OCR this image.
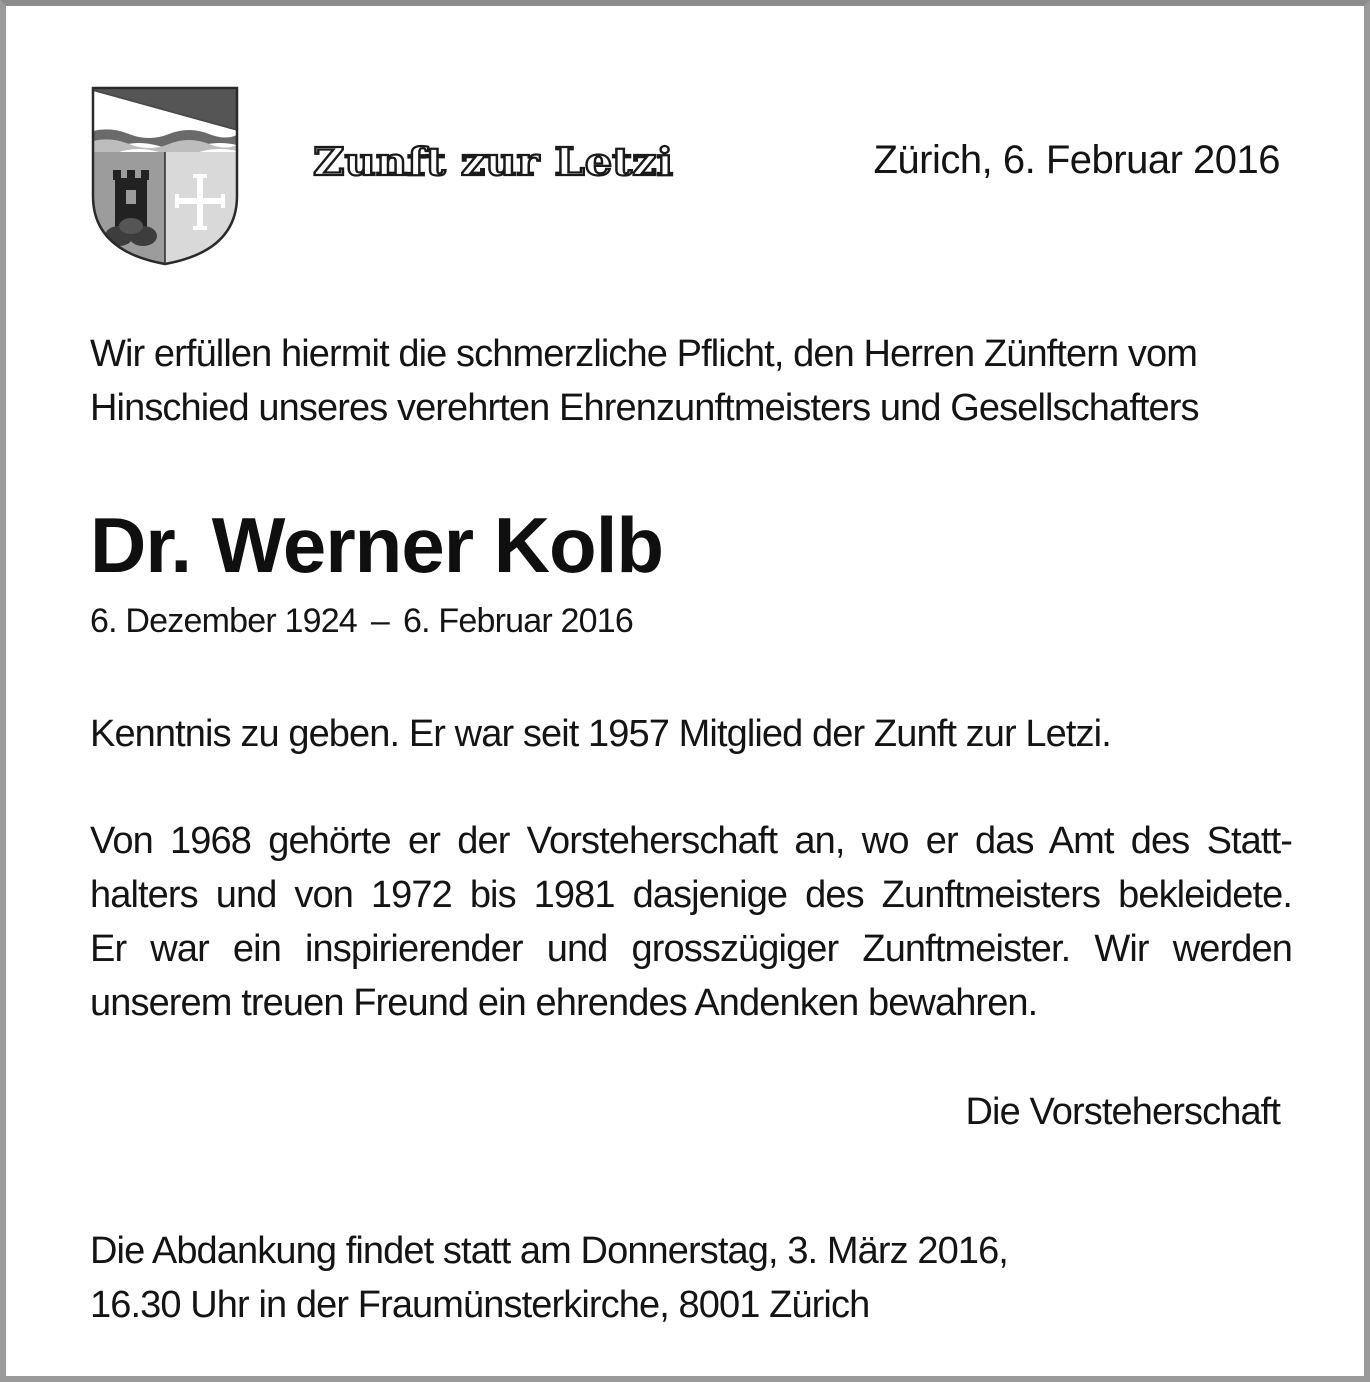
Zunft zur Letzi	Zürich, 6. Februar 2016
Wir erfüllen hiermit die schmerzliche Pflicht, den Herren Zünftern vom
Hinschied unseres verehrten Ehrenzunftmeisters und Gesellschafters
Dr. Werner Kolb
6. Dezember 1924 – 6. Februar 2016
Kenntnis zu geben. Er war seit 1957 Mitglied der Zunft zur Letzi.
Von 1968 gehörte er der Vorsteherschaft an, wo er das Amt des Statt-
halters und von 1972 bis 1981 dasjenige des Zunftmeisters bekleidete.
Er war ein inspirierender und grosszügiger Zunftmeister. Wir werden
unserem treuen Freund ein ehrendes Andenken bewahren.
Die Vorsteherschaft
Die Abdankung findet statt am Donnerstag, 3. März 2016,
16.30 Uhr in der Fraumünsterkirche, 8001 Zürich
